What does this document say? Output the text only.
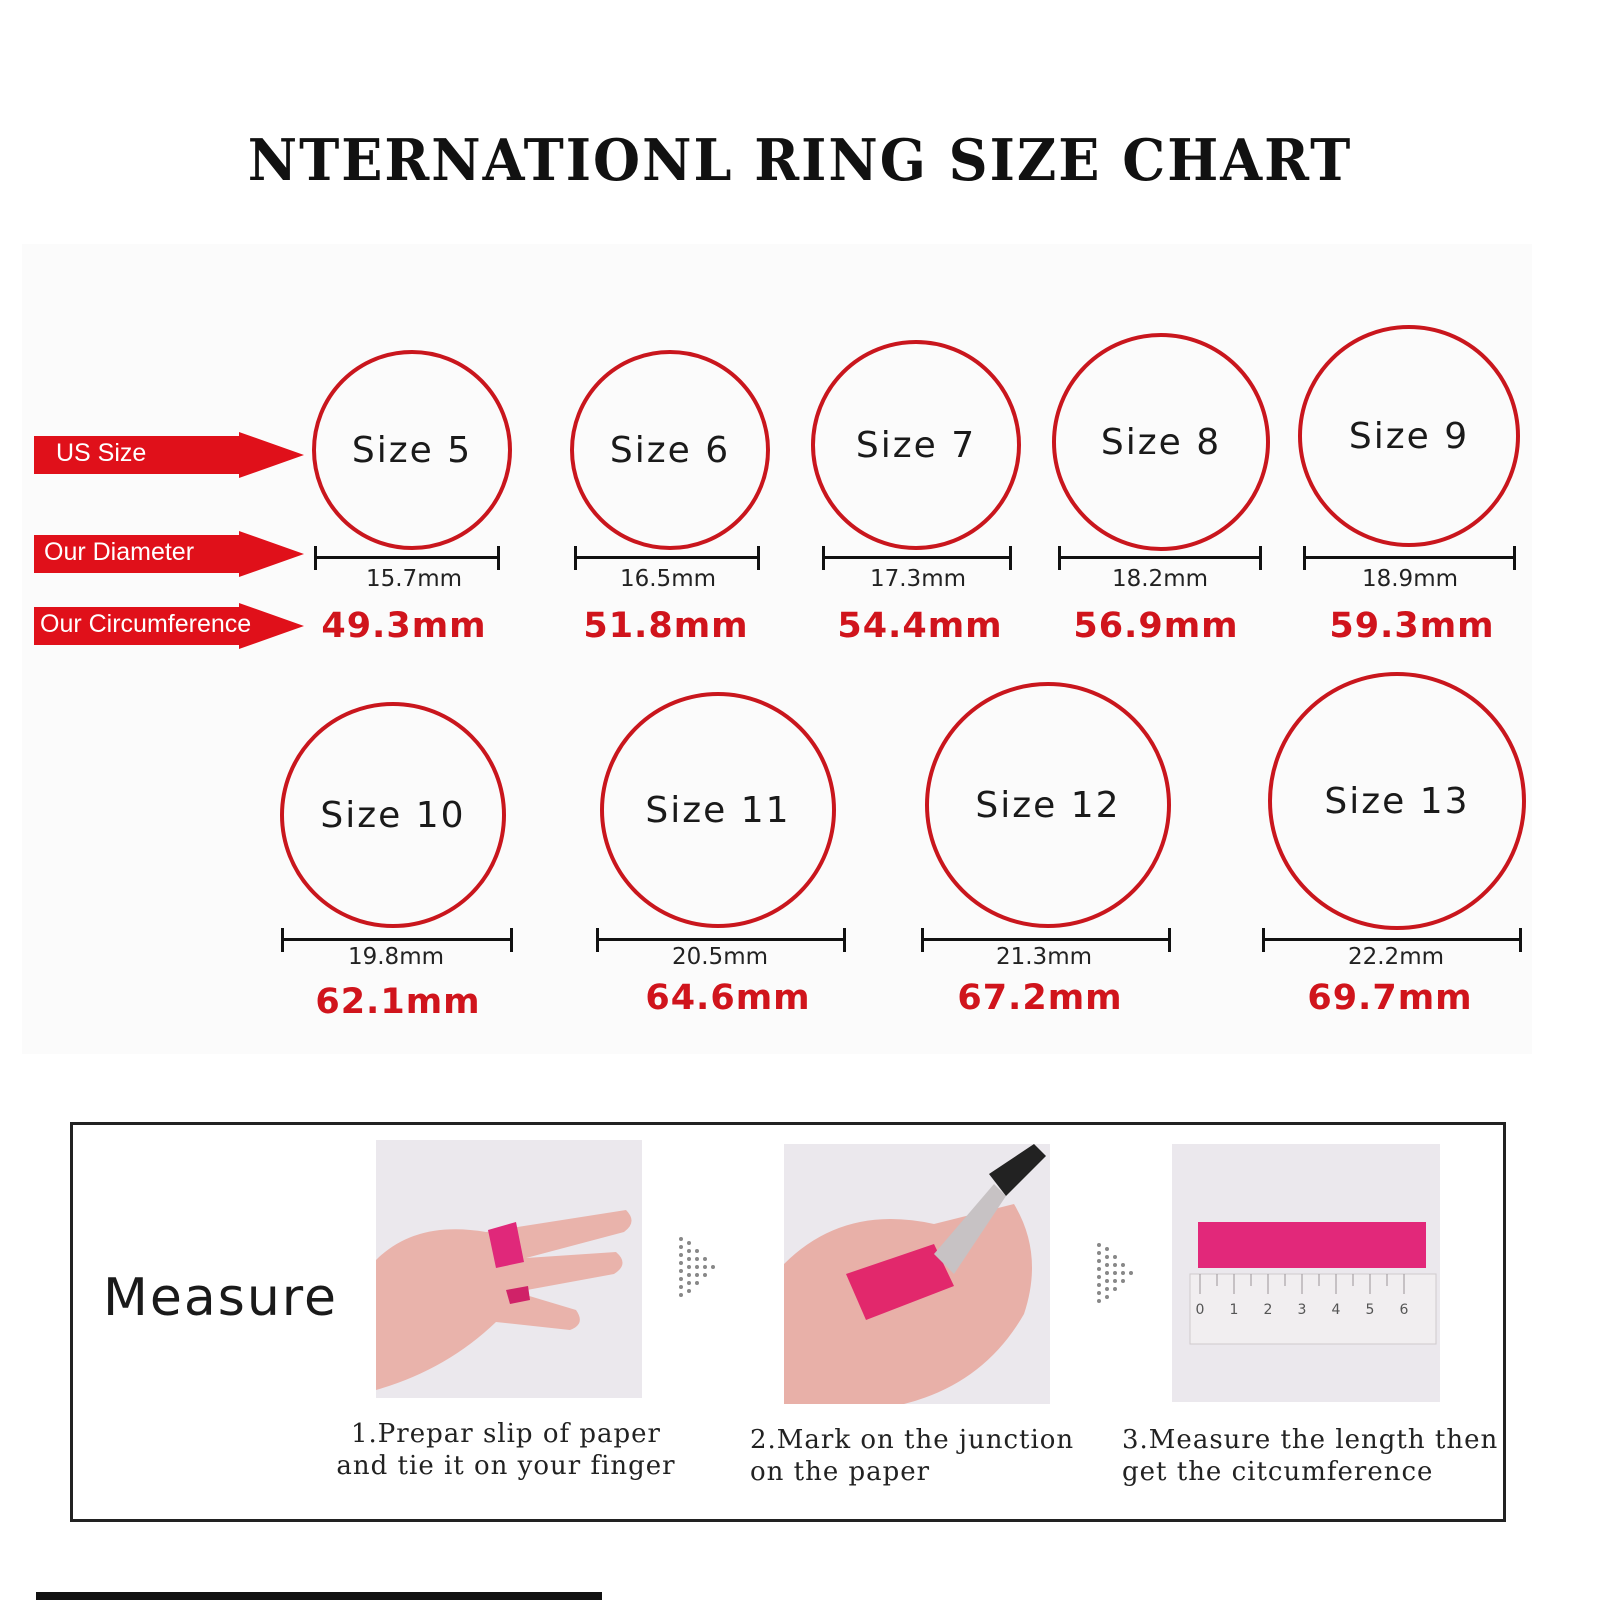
NTERNATIONL RING SIZE CHART
US Size
Our Diameter
Our Circumference
Size 5	Size 6	Size 7	Size 8	Size 9
15.7mm	16.5mm	17.3mm	18.2mm	18.9mm
49.3mm	51.8mm	54.4mm	56.9mm	59.3mm
Size 10	Size 11	Size 12	Size 13
19.8mm	20.5mm	21.3mm	22.2mm
62.1mm	64.6mm	67.2mm	69.7mm
Measure	0 1 2 3 4 5 6
1.Prepar slip of paper
and tie it on your finger
2.Mark on the junction
on the paper
3.Measure the length then
get the citcumference
